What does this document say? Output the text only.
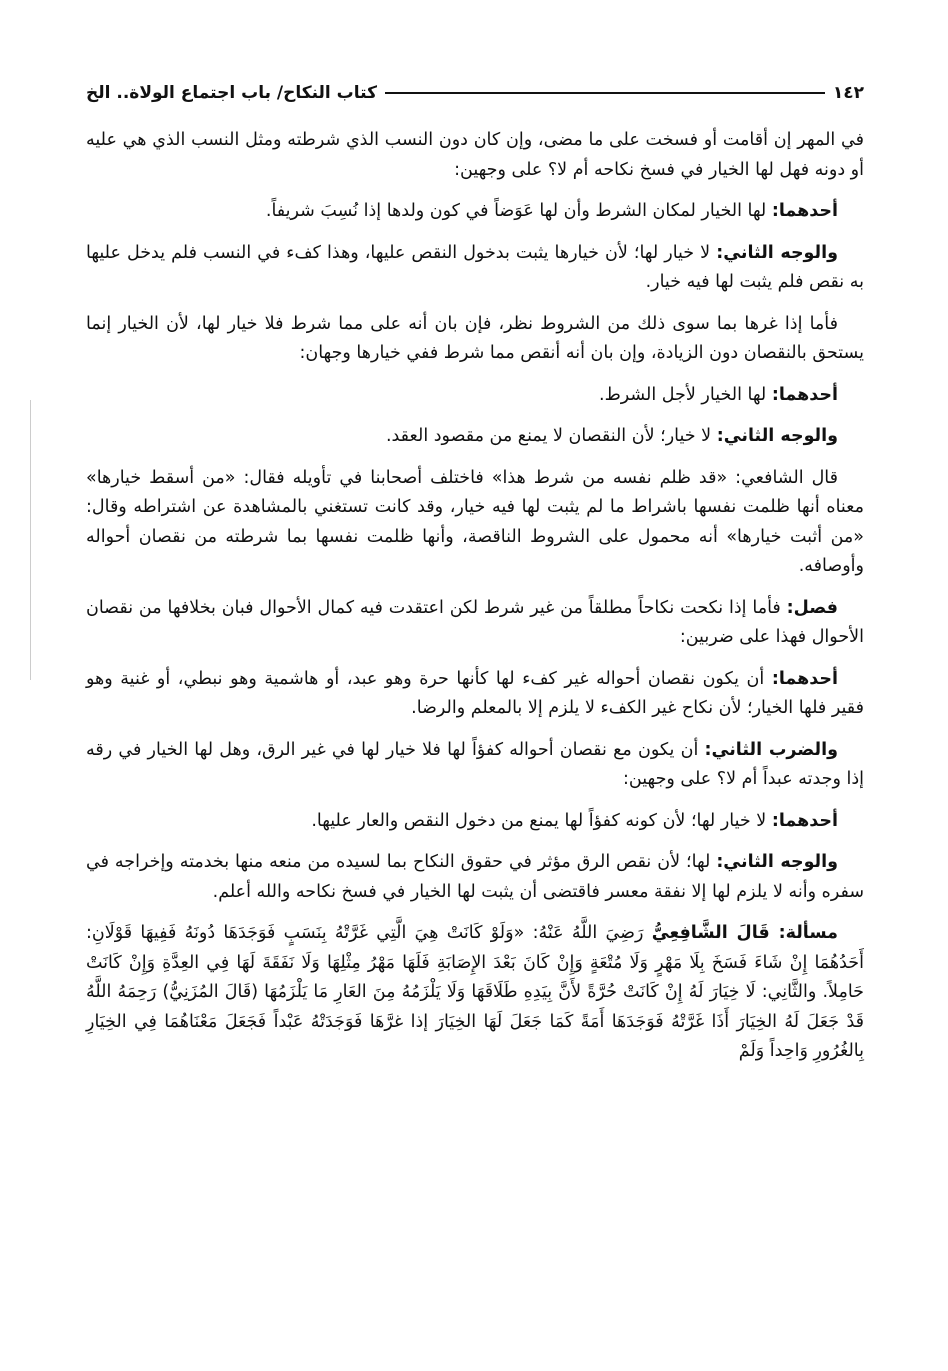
١٤٢
كتاب النكاح/ باب اجتماع الولاة.. الخ

في المهر إن أقامت أو فسخت على ما مضى، وإن كان دون النسب الذي شرطته ومثل النسب الذي هي عليه أو دونه فهل لها الخيار في فسخ نكاحه أم لا؟ على وجهين:

أحدهما: لها الخيار لمكان الشرط وأن لها عَوَضاً في كون ولدها إذا نُسِبَ شريفاً.

والوجه الثاني: لا خيار لها؛ لأن خيارها يثبت بدخول النقص عليها، وهذا كفء في النسب فلم يدخل عليها به نقص فلم يثبت لها فيه خيار.

فأما إذا غرها بما سوى ذلك من الشروط نظر، فإن بان أنه على مما شرط فلا خيار لها، لأن الخيار إنما يستحق بالنقصان دون الزيادة، وإن بان أنه أنقص مما شرط ففي خيارها وجهان:

أحدهما: لها الخيار لأجل الشرط.

والوجه الثاني: لا خيار؛ لأن النقصان لا يمنع من مقصود العقد.

قال الشافعي: «قد ظلم نفسه من شرط هذا» فاختلف أصحابنا في تأويله فقال: «من أسقط خيارها» معناه أنها ظلمت نفسها باشراط ما لم يثبت لها فيه خيار، وقد كانت تستغني بالمشاهدة عن اشتراطه وقال: «من أثبت خيارها» أنه محمول على الشروط الناقصة، وأنها ظلمت نفسها بما شرطته من نقصان أحواله وأوصافه.

فصل: فأما إذا نكحت نكاحاً مطلقاً من غير شرط لكن اعتقدت فيه كمال الأحوال فبان بخلافها من نقصان الأحوال فهذا على ضربين:

أحدهما: أن يكون نقصان أحواله غير كفء لها كأنها حرة وهو عبد، أو هاشمية وهو نبطي، أو غنية وهو فقير فلها الخيار؛ لأن نكاح غير الكفء لا يلزم إلا بالمعلم والرضا.

والضرب الثاني: أن يكون مع نقصان أحواله كفؤاً لها فلا خيار لها في غير الرق، وهل لها الخيار في رقه إذا وجدته عبداً أم لا؟ على وجهين:

أحدهما: لا خيار لها؛ لأن كونه كفؤاً لها يمنع من دخول النقص والعار عليها.

والوجه الثاني: لها؛ لأن نقص الرق مؤثر في حقوق النكاح بما لسيده من منعه منها بخدمته وإخراجه في سفره وأنه لا يلزم لها إلا نفقة معسر فاقتضى أن يثبت لها الخيار في فسخ نكاحه والله أعلم.

مسألة: قَالَ الشَّافِعِيُّ رَضِيَ اللَّهُ عَنْهُ: «وَلَوْ كَانَتْ هِيَ الَّتِي غَرَّتْهُ بِنَسَبٍ فَوَجَدَهَا دُونَهُ فَفِيهَا قَوْلَانِ: أَحَدُهُمَا إِنْ شَاءَ فَسَخَ بِلَا مَهْرٍ وَلَا مُتْعَةٍ وَإِنْ كَانَ بَعْدَ الإِصَابَةِ فَلَهَا مَهْرُ مِثْلِهَا وَلَا نَفَقَةَ لَهَا فِي العِدَّةِ وَإِنْ كَانَتْ حَامِلاً. والثَّانِي: لَا خِيَارَ لَهُ إِنْ كَانَتْ حُرَّةً لأَنَّ بِيَدِهِ طَلَاقَهَا وَلَا يَلْزَمُهُ مِنَ العَارِ مَا يَلْزَمُهَا (قَالَ المُزَنِيُّ) رَحِمَهُ اللَّهُ قَدْ جَعَلَ لَهُ الخِيَارَ أَذَا غَرَّتْهُ فَوَجَدَهَا أَمَةً كَمَا جَعَلَ لَهَا الخِيَارَ إذا غرَّهَا فَوَجَدَتْهُ عَبْداً فَجَعَلَ مَعْنَاهُمَا فِي الخِيَارِ بِالغُرُورِ وَاحِداً وَلَمْ
